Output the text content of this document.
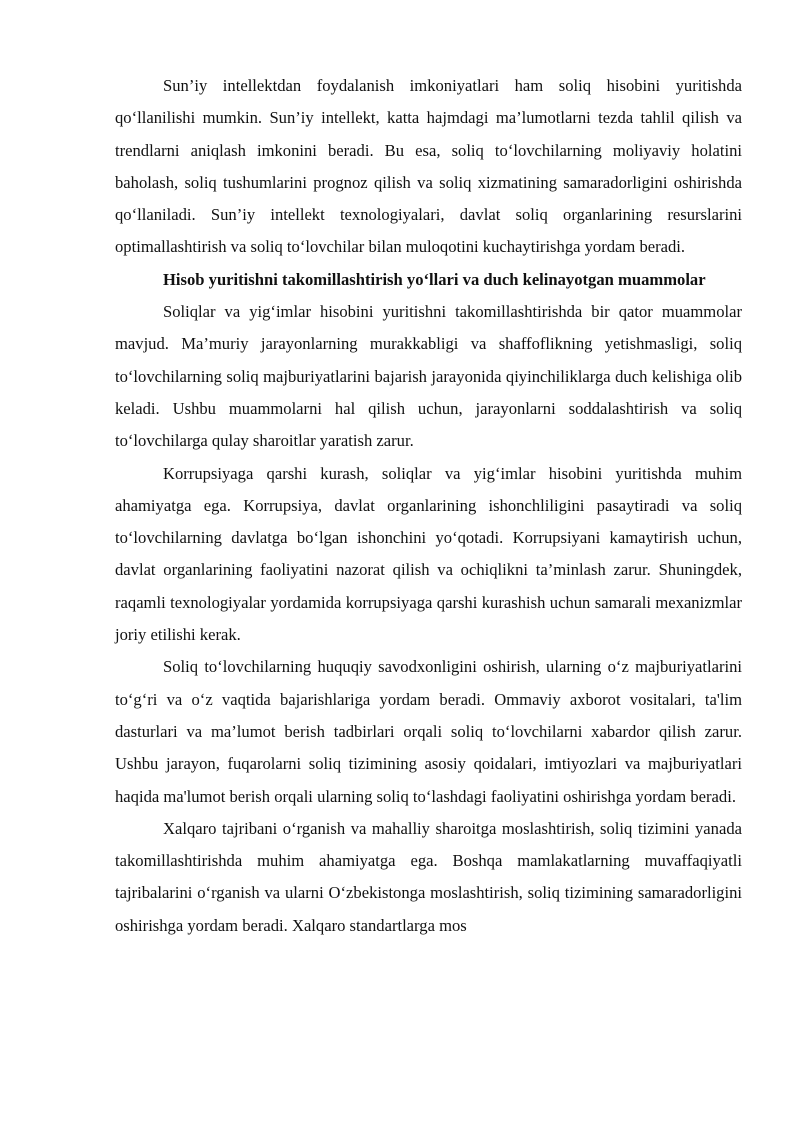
Sun’iy intellektdan foydalanish imkoniyatlari ham soliq hisobini yuritishda qo‘llanilishi mumkin. Sun’iy intellekt, katta hajmdagi ma’lumotlarni tezda tahlil qilish va trendlarni aniqlash imkonini beradi. Bu esa, soliq to‘lovchilarning moliyaviy holatini baholash, soliq tushumlarini prognoz qilish va soliq xizmatining samaradorligini oshirishda qo‘llaniladi. Sun’iy intellekt texnologiyalari, davlat soliq organlarining resurslarini optimallashtirish va soliq to‘lovchilar bilan muloqotini kuchaytirishga yordam beradi.

Hisob yuritishni takomillashtirish yo‘llari va duch kelinayotgan muammolar

Soliqlar va yig‘imlar hisobini yuritishni takomillashtirishda bir qator muammolar mavjud. Ma’muriy jarayonlarning murakkabligi va shaffoflikning yetishmasligi, soliq to‘lovchilarning soliq majburiyatlarini bajarish jarayonida qiyinchiliklarga duch kelishiga olib keladi. Ushbu muammolarni hal qilish uchun, jarayonlarni soddalashtirish va soliq to‘lovchilarga qulay sharoitlar yaratish zarur.

Korrupsiyaga qarshi kurash, soliqlar va yig‘imlar hisobini yuritishda muhim ahamiyatga ega. Korrupsiya, davlat organlarining ishonchliligini pasaytiradi va soliq to‘lovchilarning davlatga bo‘lgan ishonchini yo‘qotadi. Korrupsiyani kamaytirish uchun, davlat organlarining faoliyatini nazorat qilish va ochiqlikni ta’minlash zarur. Shuningdek, raqamli texnologiyalar yordamida korrupsiyaga qarshi kurashish uchun samarali mexanizmlar joriy etilishi kerak.

Soliq to‘lovchilarning huquqiy savodxonligini oshirish, ularning o‘z majburiyatlarini to‘g‘ri va o‘z vaqtida bajarishlariga yordam beradi. Ommaviy axborot vositalari, ta'lim dasturlari va ma’lumot berish tadbirlari orqali soliq to‘lovchilarni xabardor qilish zarur. Ushbu jarayon, fuqarolarni soliq tizimining asosiy qoidalari, imtiyozlari va majburiyatlari haqida ma'lumot berish orqali ularning soliq to‘lashdagi faoliyatini oshirishga yordam beradi.

Xalqaro tajribani o‘rganish va mahalliy sharoitga moslashtirish, soliq tizimini yanada takomillashtirishda muhim ahamiyatga ega. Boshqa mamlakatlarning muvaffaqiyatli tajribalarini o‘rganish va ularni O‘zbekistonga moslashtirish, soliq tizimining samaradorligini oshirishga yordam beradi. Xalqaro standartlarga mos
